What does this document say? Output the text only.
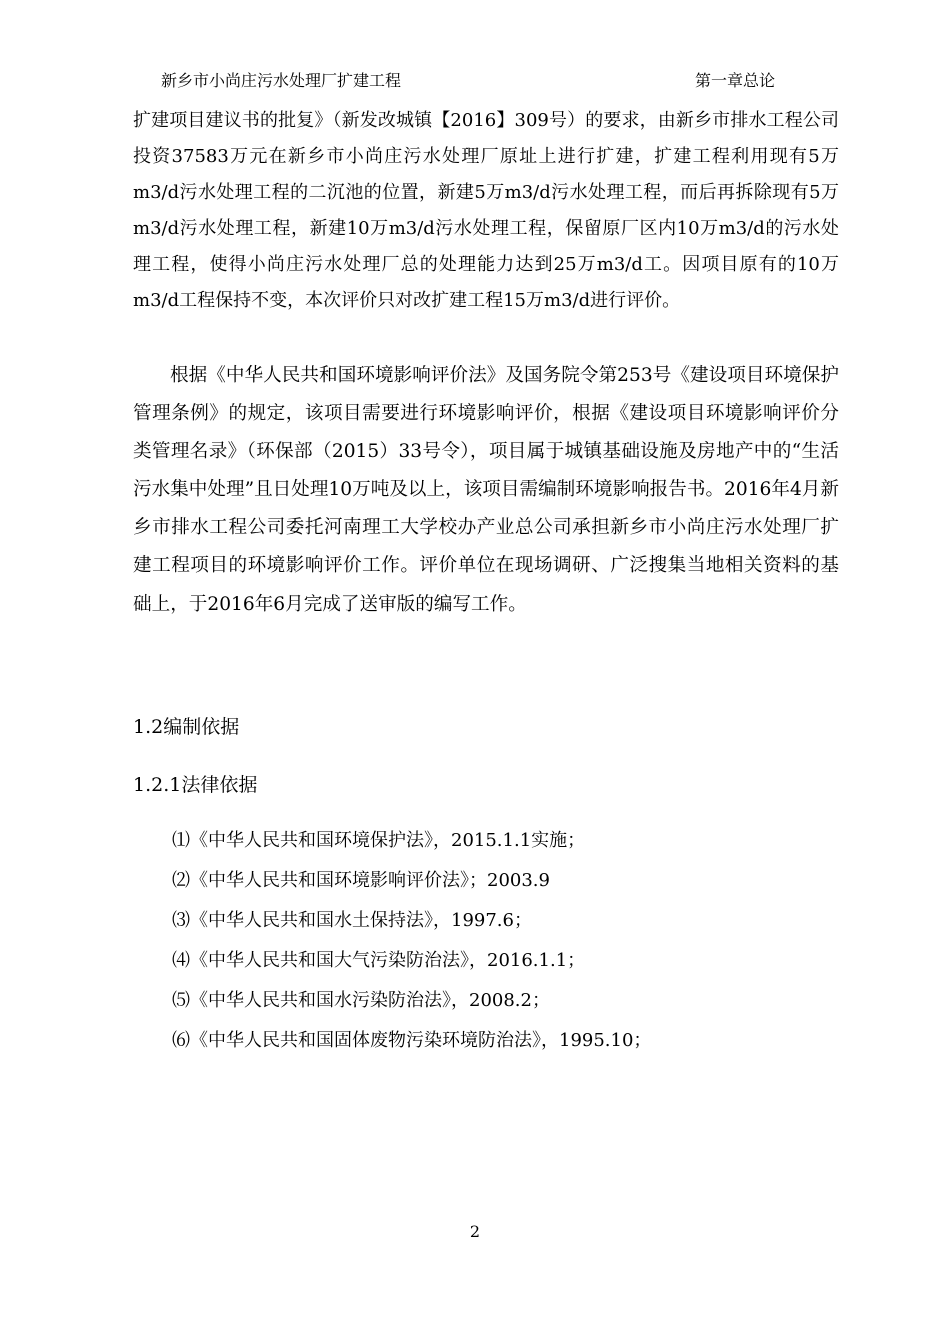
新乡市小尚庄污水处理厂扩建工程	第一章总论

扩建项目建议书的批复》（新发改城镇【2016】309号）的要求，由新乡市排水工程公司投资37583万元在新乡市小尚庄污水处理厂原址上进行扩建，扩建工程利用现有5万m3/d污水处理工程的二沉池的位置，新建5万m3/d污水处理工程，而后再拆除现有5万m3/d污水处理工程，新建10万m3/d污水处理工程，保留原厂区内10万m3/d的污水处理工程，使得小尚庄污水处理厂总的处理能力达到25万m3/d工。因项目原有的10万m3/d工程保持不变，本次评价只对改扩建工程15万m3/d进行评价。

根据《中华人民共和国环境影响评价法》及国务院令第253号《建设项目环境保护管理条例》的规定，该项目需要进行环境影响评价，根据《建设项目环境影响评价分类管理名录》（环保部（2015）33号令），项目属于城镇基础设施及房地产中的“生活污水集中处理”且日处理10万吨及以上，该项目需编制环境影响报告书。2016年4月新乡市排水工程公司委托河南理工大学校办产业总公司承担新乡市小尚庄污水处理厂扩建工程项目的环境影响评价工作。评价单位在现场调研、广泛搜集当地相关资料的基础上，于2016年6月完成了送审版的编写工作。

1.2编制依据
1.2.1法律依据
⑴《中华人民共和国环境保护法》，2015.1.1实施；
⑵《中华人民共和国环境影响评价法》；2003.9
⑶《中华人民共和国水土保持法》，1997.6；
⑷《中华人民共和国大气污染防治法》，2016.1.1；
⑸《中华人民共和国水污染防治法》，2008.2；
⑹《中华人民共和国固体废物污染环境防治法》，1995.10；
2
